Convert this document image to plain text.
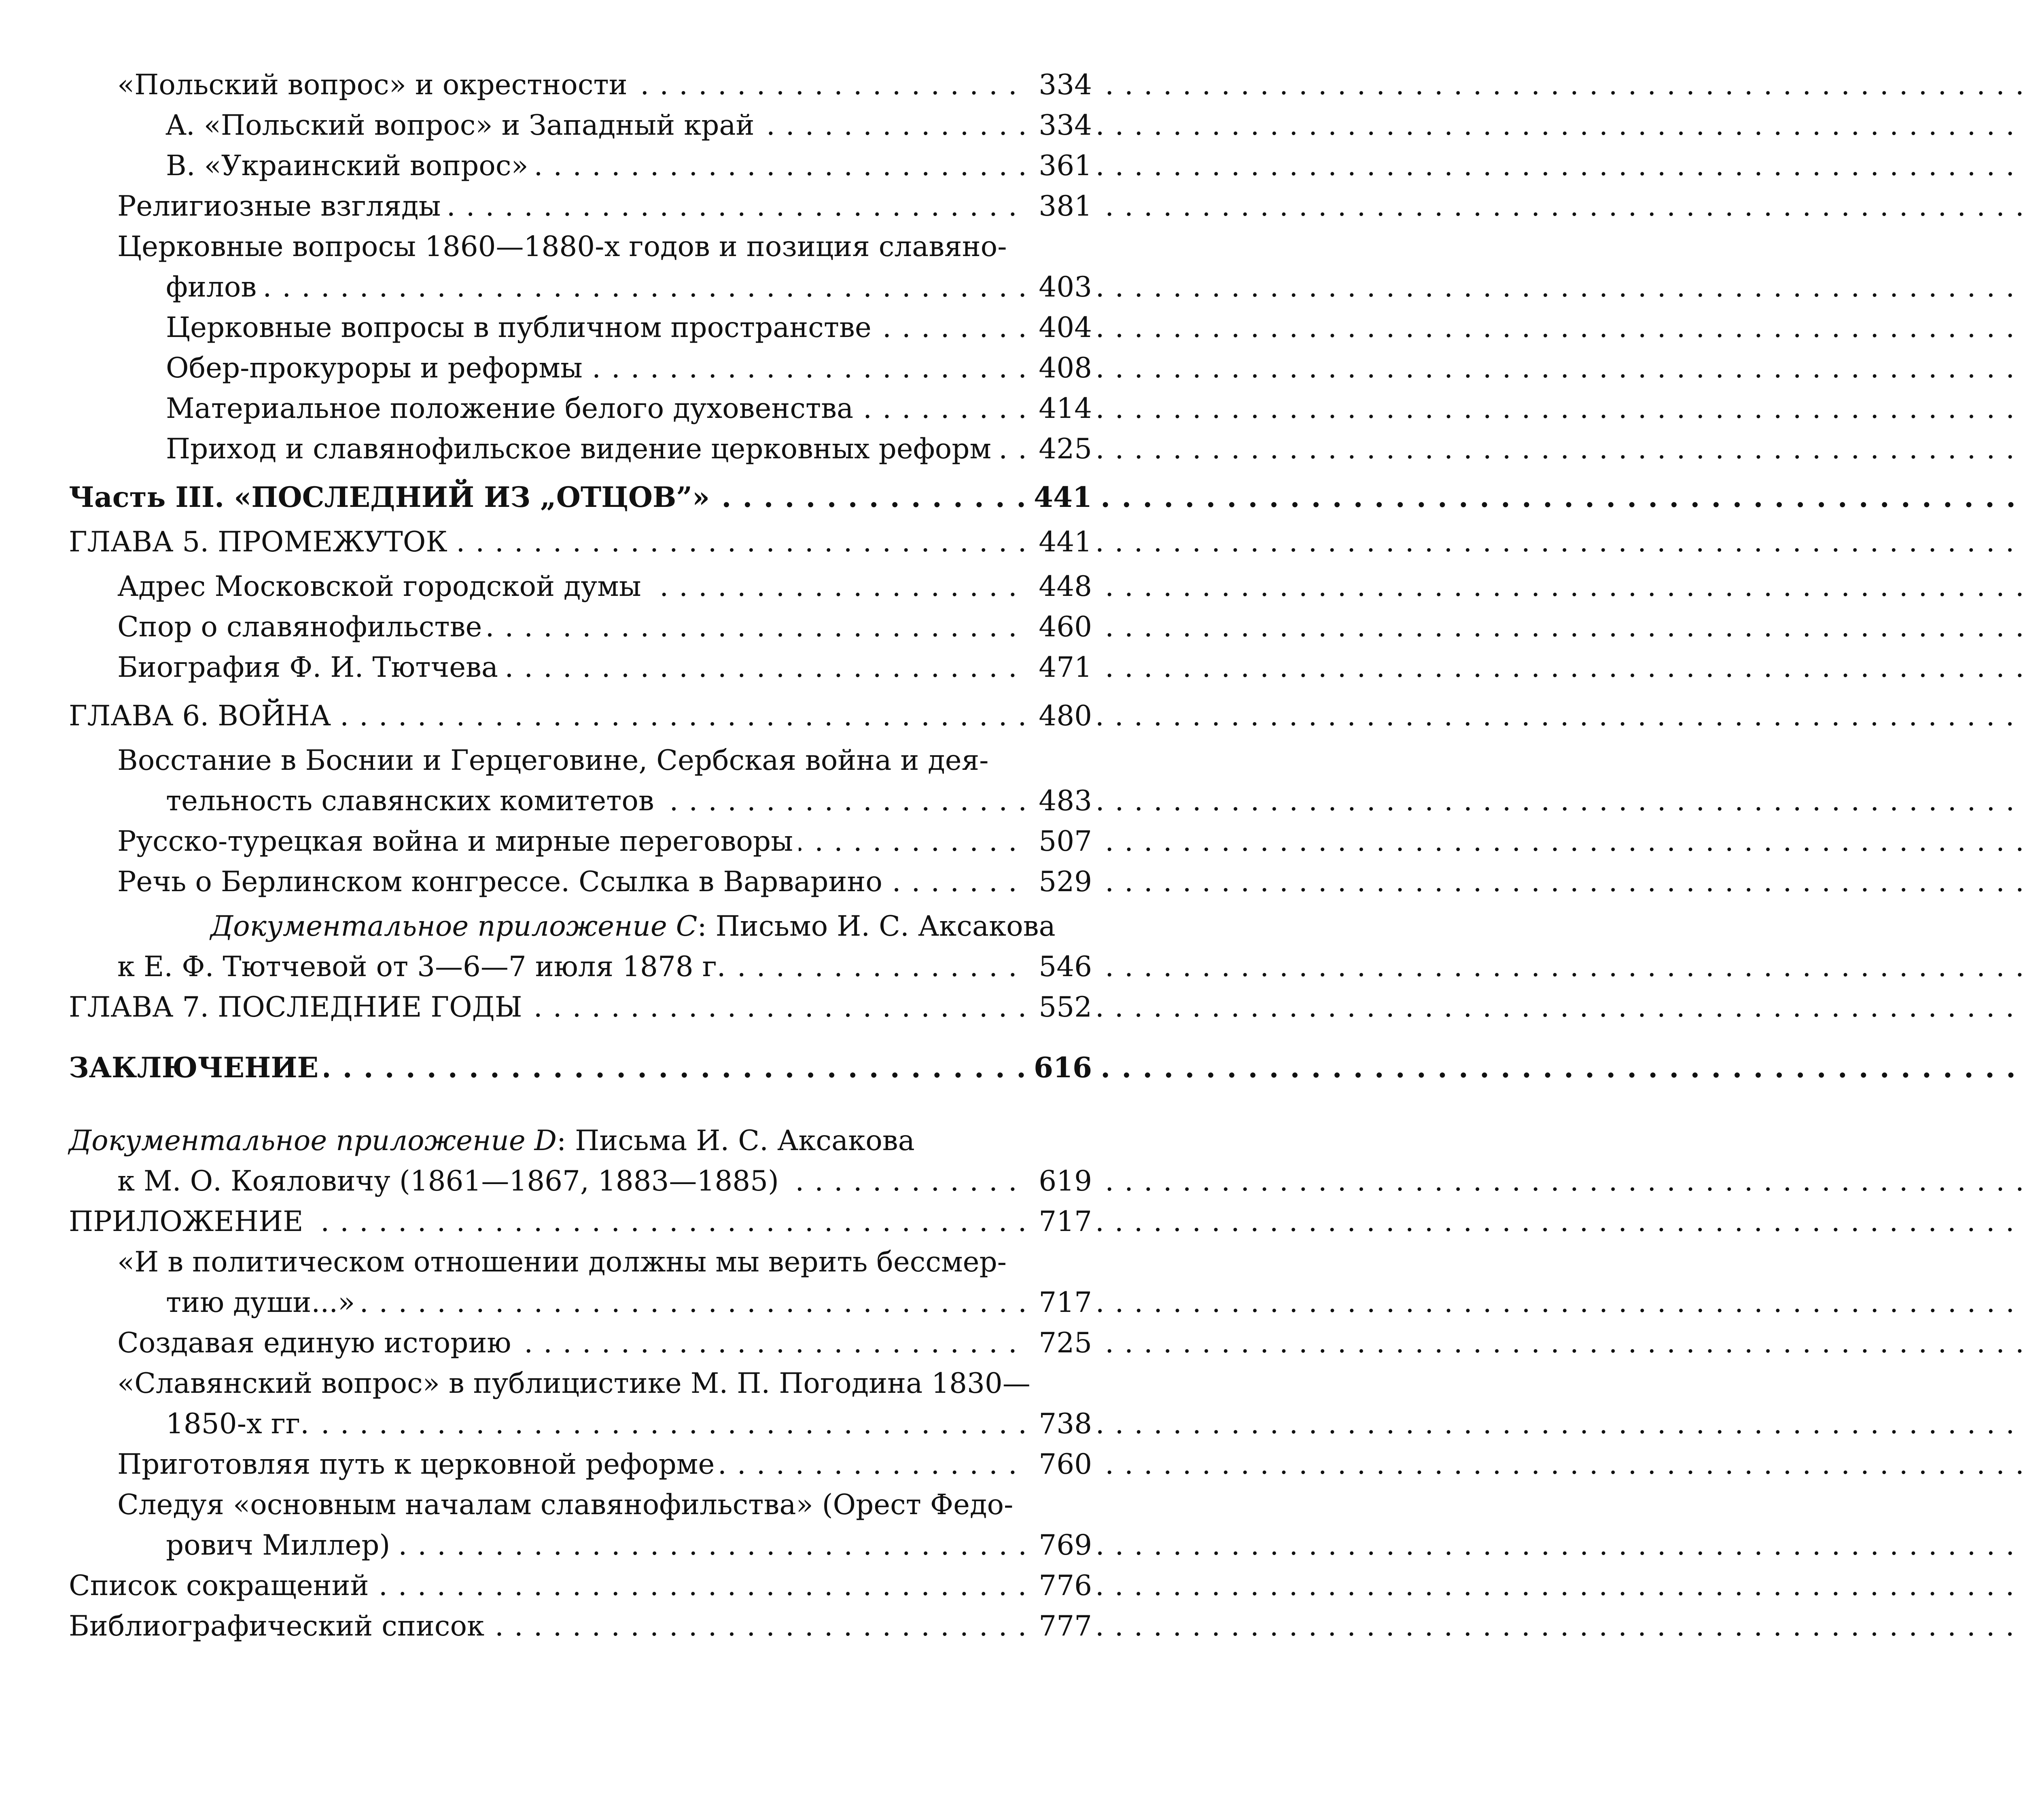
. . . «Польский вопрос» и окрестности	334
. . . A. «Польский вопрос» и Западный край	334
. . . B. «Украинский вопрос»	361
. . . Религиозные взгляды	381
Церковные вопросы 1860—1880-х годов и позиция славяно-
. . . филов	403
. . . Церковные вопросы в публичном пространстве	404
. . . Обер-прокуроры и реформы	408
. . . Материальное положение белого духовенства	414
. . . Приход и славянофильское видение церковных реформ	425
. . . Часть III. «ПОСЛЕДНИЙ ИЗ „ОТЦОВ”»	441
. . . ГЛАВА 5. ПРОМЕЖУТОК	441
. . . Адрес Московской городской думы	448
. . . Спор о славянофильстве	460
. . . Биография Ф. И. Тютчева	471
. . . ГЛАВА 6. ВОЙНА	480
Восстание в Боснии и Герцеговине, Сербская война и дея-
. . . тельность славянских комитетов	483
. . . Русско-турецкая война и мирные переговоры	507
. . . Речь о Берлинском конгрессе. Ссылка в Варварино	529
Документальное приложение C: Письмо И. С. Аксакова
. . . к Е. Ф. Тютчевой от 3—6—7 июля 1878 г.	546
. . . ГЛАВА 7. ПОСЛЕДНИЕ ГОДЫ	552
. . . ЗАКЛЮЧЕНИЕ	616
Документальное приложение D: Письма И. С. Аксакова
. . . к М. О. Кояловичу (1861—1867, 1883—1885)	619
. . . ПРИЛОЖЕНИЕ	717
«И в политическом отношении должны мы верить бессмер-
. . . тию души...»	717
. . . Создавая единую историю	725
«Славянский вопрос» в публицистике М. П. Погодина 1830—
. . . 1850-х гг.	738
. . . Приготовляя путь к церковной реформе	760
Следуя «основным началам славянофильства» (Орест Федо-
. . . рович Миллер)	769
. . . Список сокращений	776
. . . Библиографический список	777
